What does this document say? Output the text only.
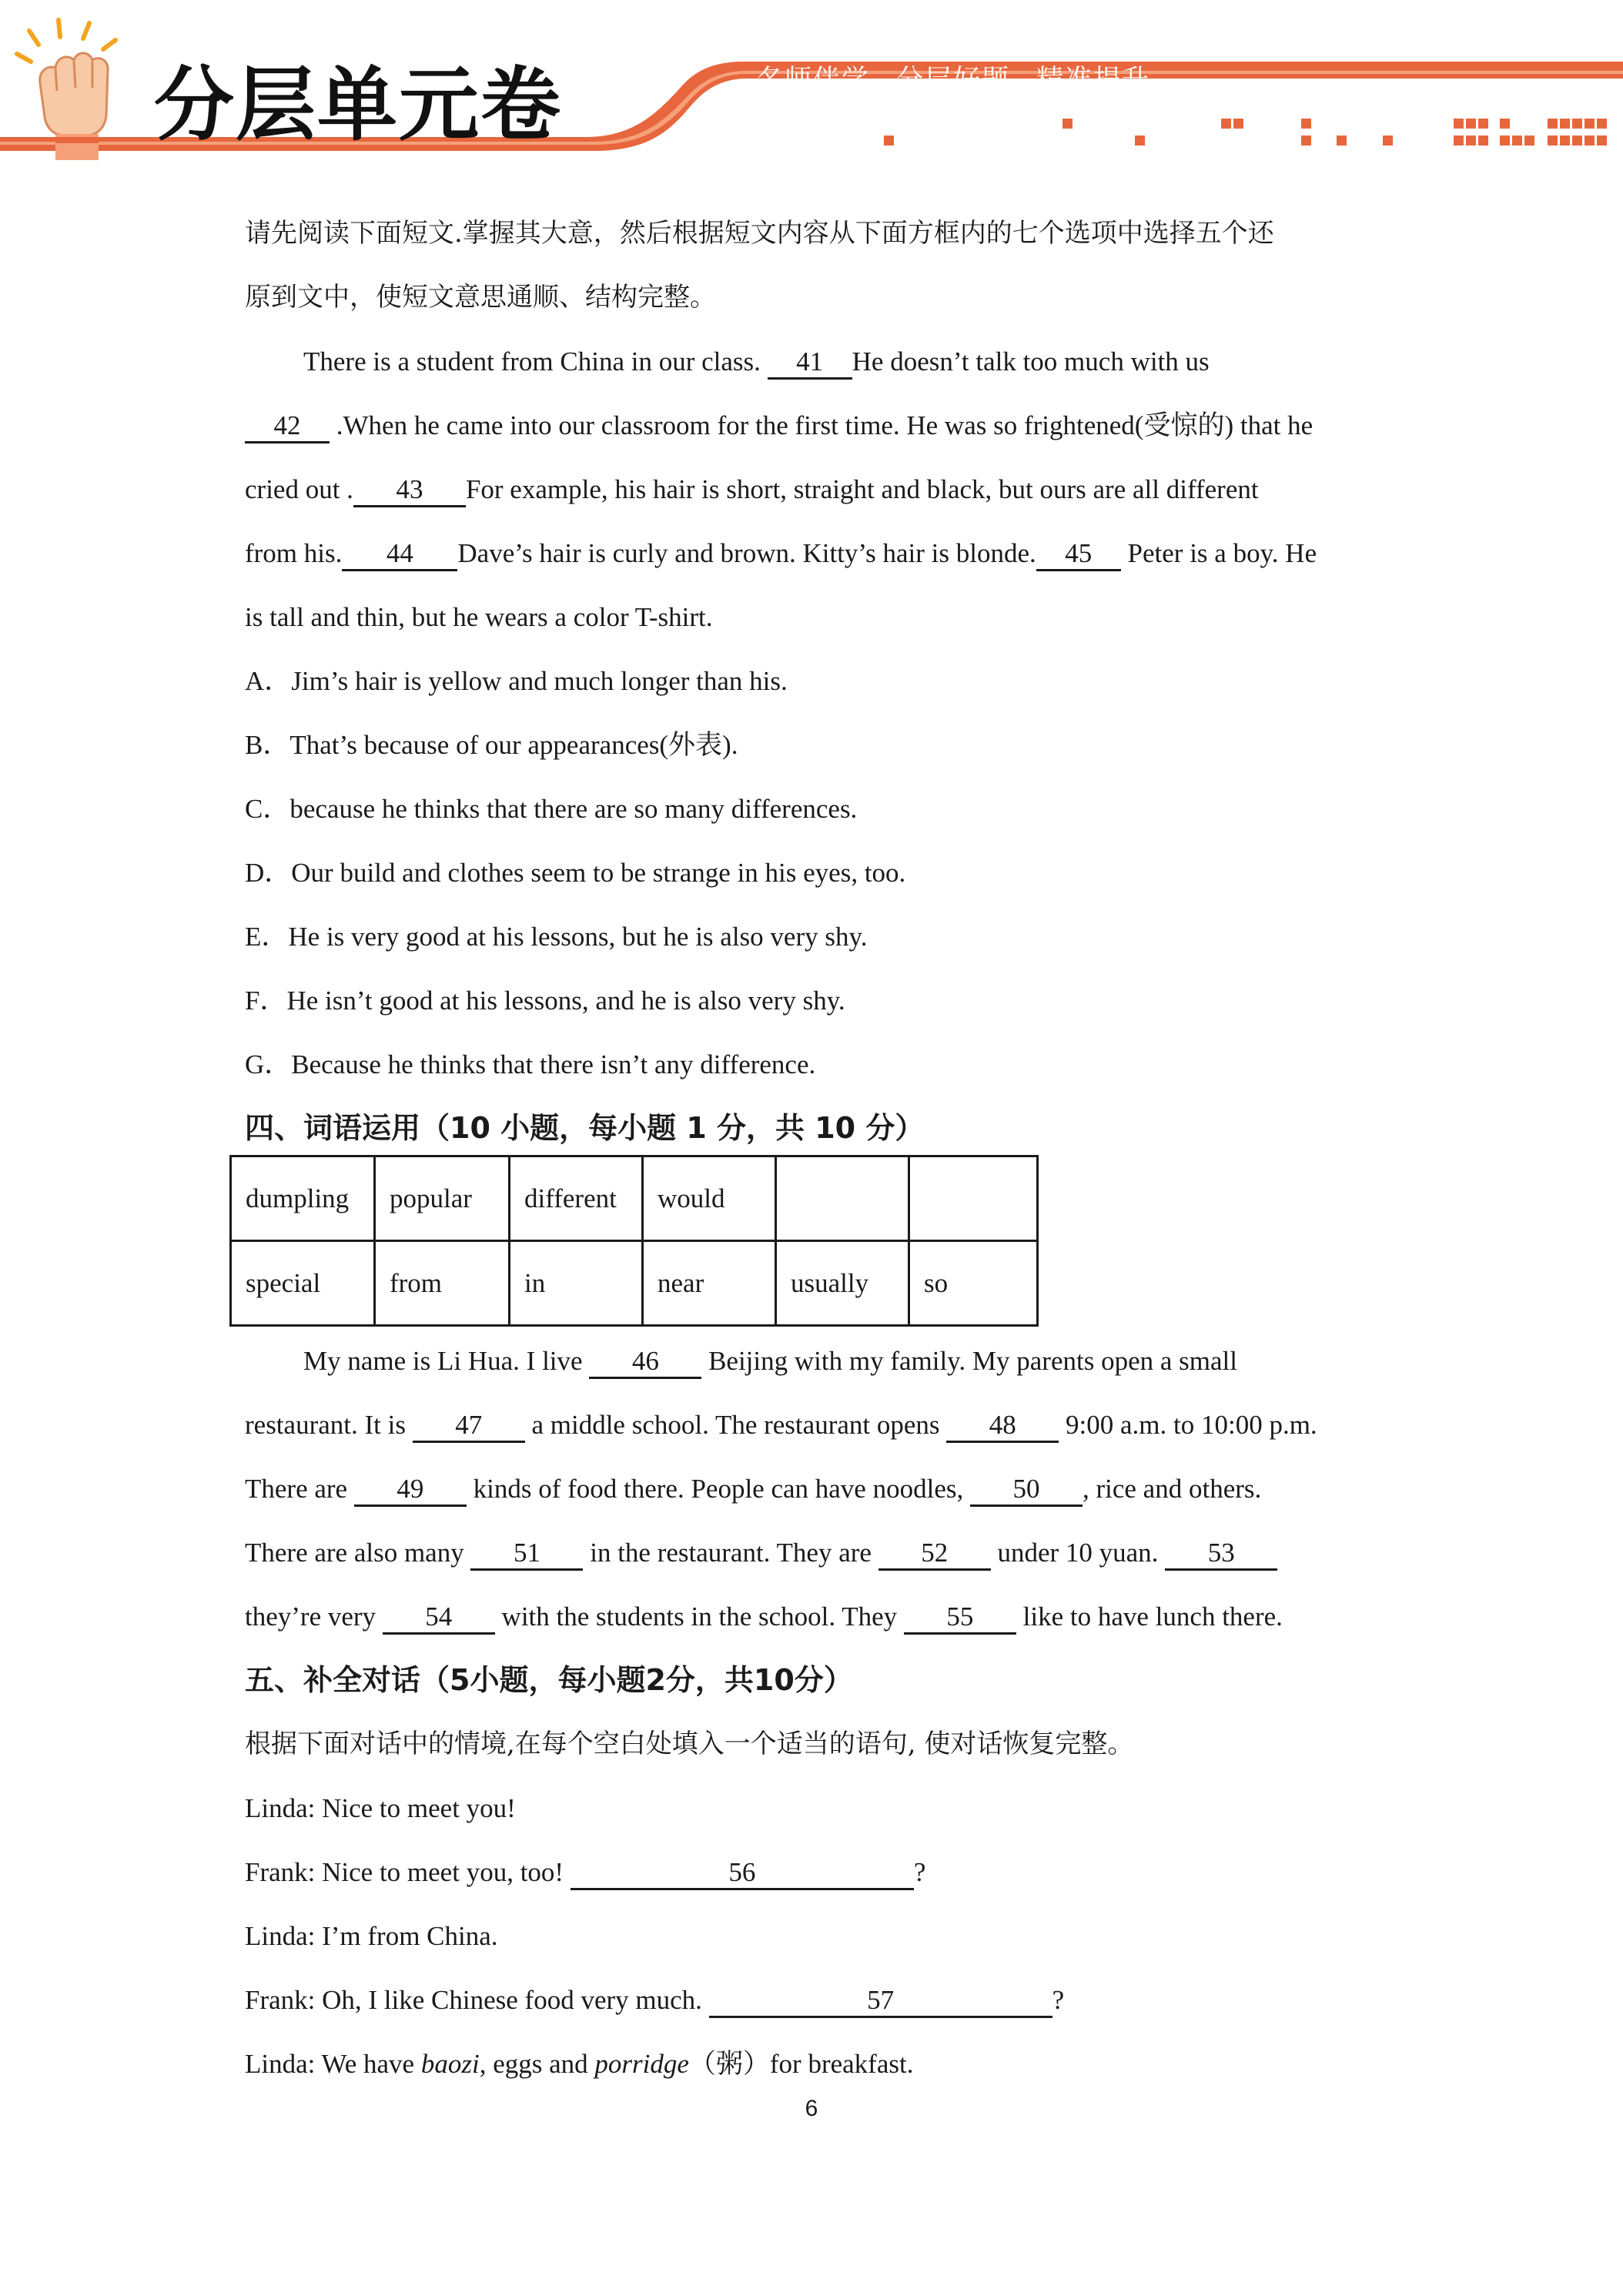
分层单元卷	名师伴学 分层好题 精准提升
请先阅读下面短文.掌握其大意，然后根据短文内容从下面方框内的七个选项中选择五个还
原到文中，使短文意思通顺、结构完整。
There is a student from China in our class. 41 He doesn’t talk too much with us
42 .When he came into our classroom for the first time. He was so frightened(受惊的) that he
cried out . 43 For example, his hair is short, straight and black, but ours are all different
from his. 44 Dave’s hair is curly and brown. Kitty’s hair is blonde. 45 Peter is a boy. He
is tall and thin, but he wears a color T-shirt.
A．Jim’s hair is yellow and much longer than his.
B．That’s because of our appearances(外表).
C．because he thinks that there are so many differences.
D．Our build and clothes seem to be strange in his eyes, too.
E．He is very good at his lessons, but he is also very shy.
F．He isn’t good at his lessons, and he is also very shy.
G．Because he thinks that there isn’t any difference.
四、词语运用（10 小题，每小题 1 分，共 10 分）
dumpling	popular	different	would		
special	from	in	near	usually	so
My name is Li Hua. I live 46 Beijing with my family. My parents open a small
restaurant. It is 47 a middle school. The restaurant opens 48 9:00 a.m. to 10:00 p.m.
There are 49 kinds of food there. People can have noodles, 50 , rice and others.
There are also many 51 in the restaurant. They are 52 under 10 yuan. 53
they’re very 54 with the students in the school. They 55 like to have lunch there.
五、补全对话（5小题，每小题2分，共10分）
根据下面对话中的情境,在每个空白处填入一个适当的语句, 使对话恢复完整。
Linda: Nice to meet you!
Frank: Nice to meet you, too!	56	?
Linda: I’m from China.
Frank: Oh, I like Chinese food very much.	57	?
Linda: We have baozi, eggs and porridge（粥）for breakfast.
6
